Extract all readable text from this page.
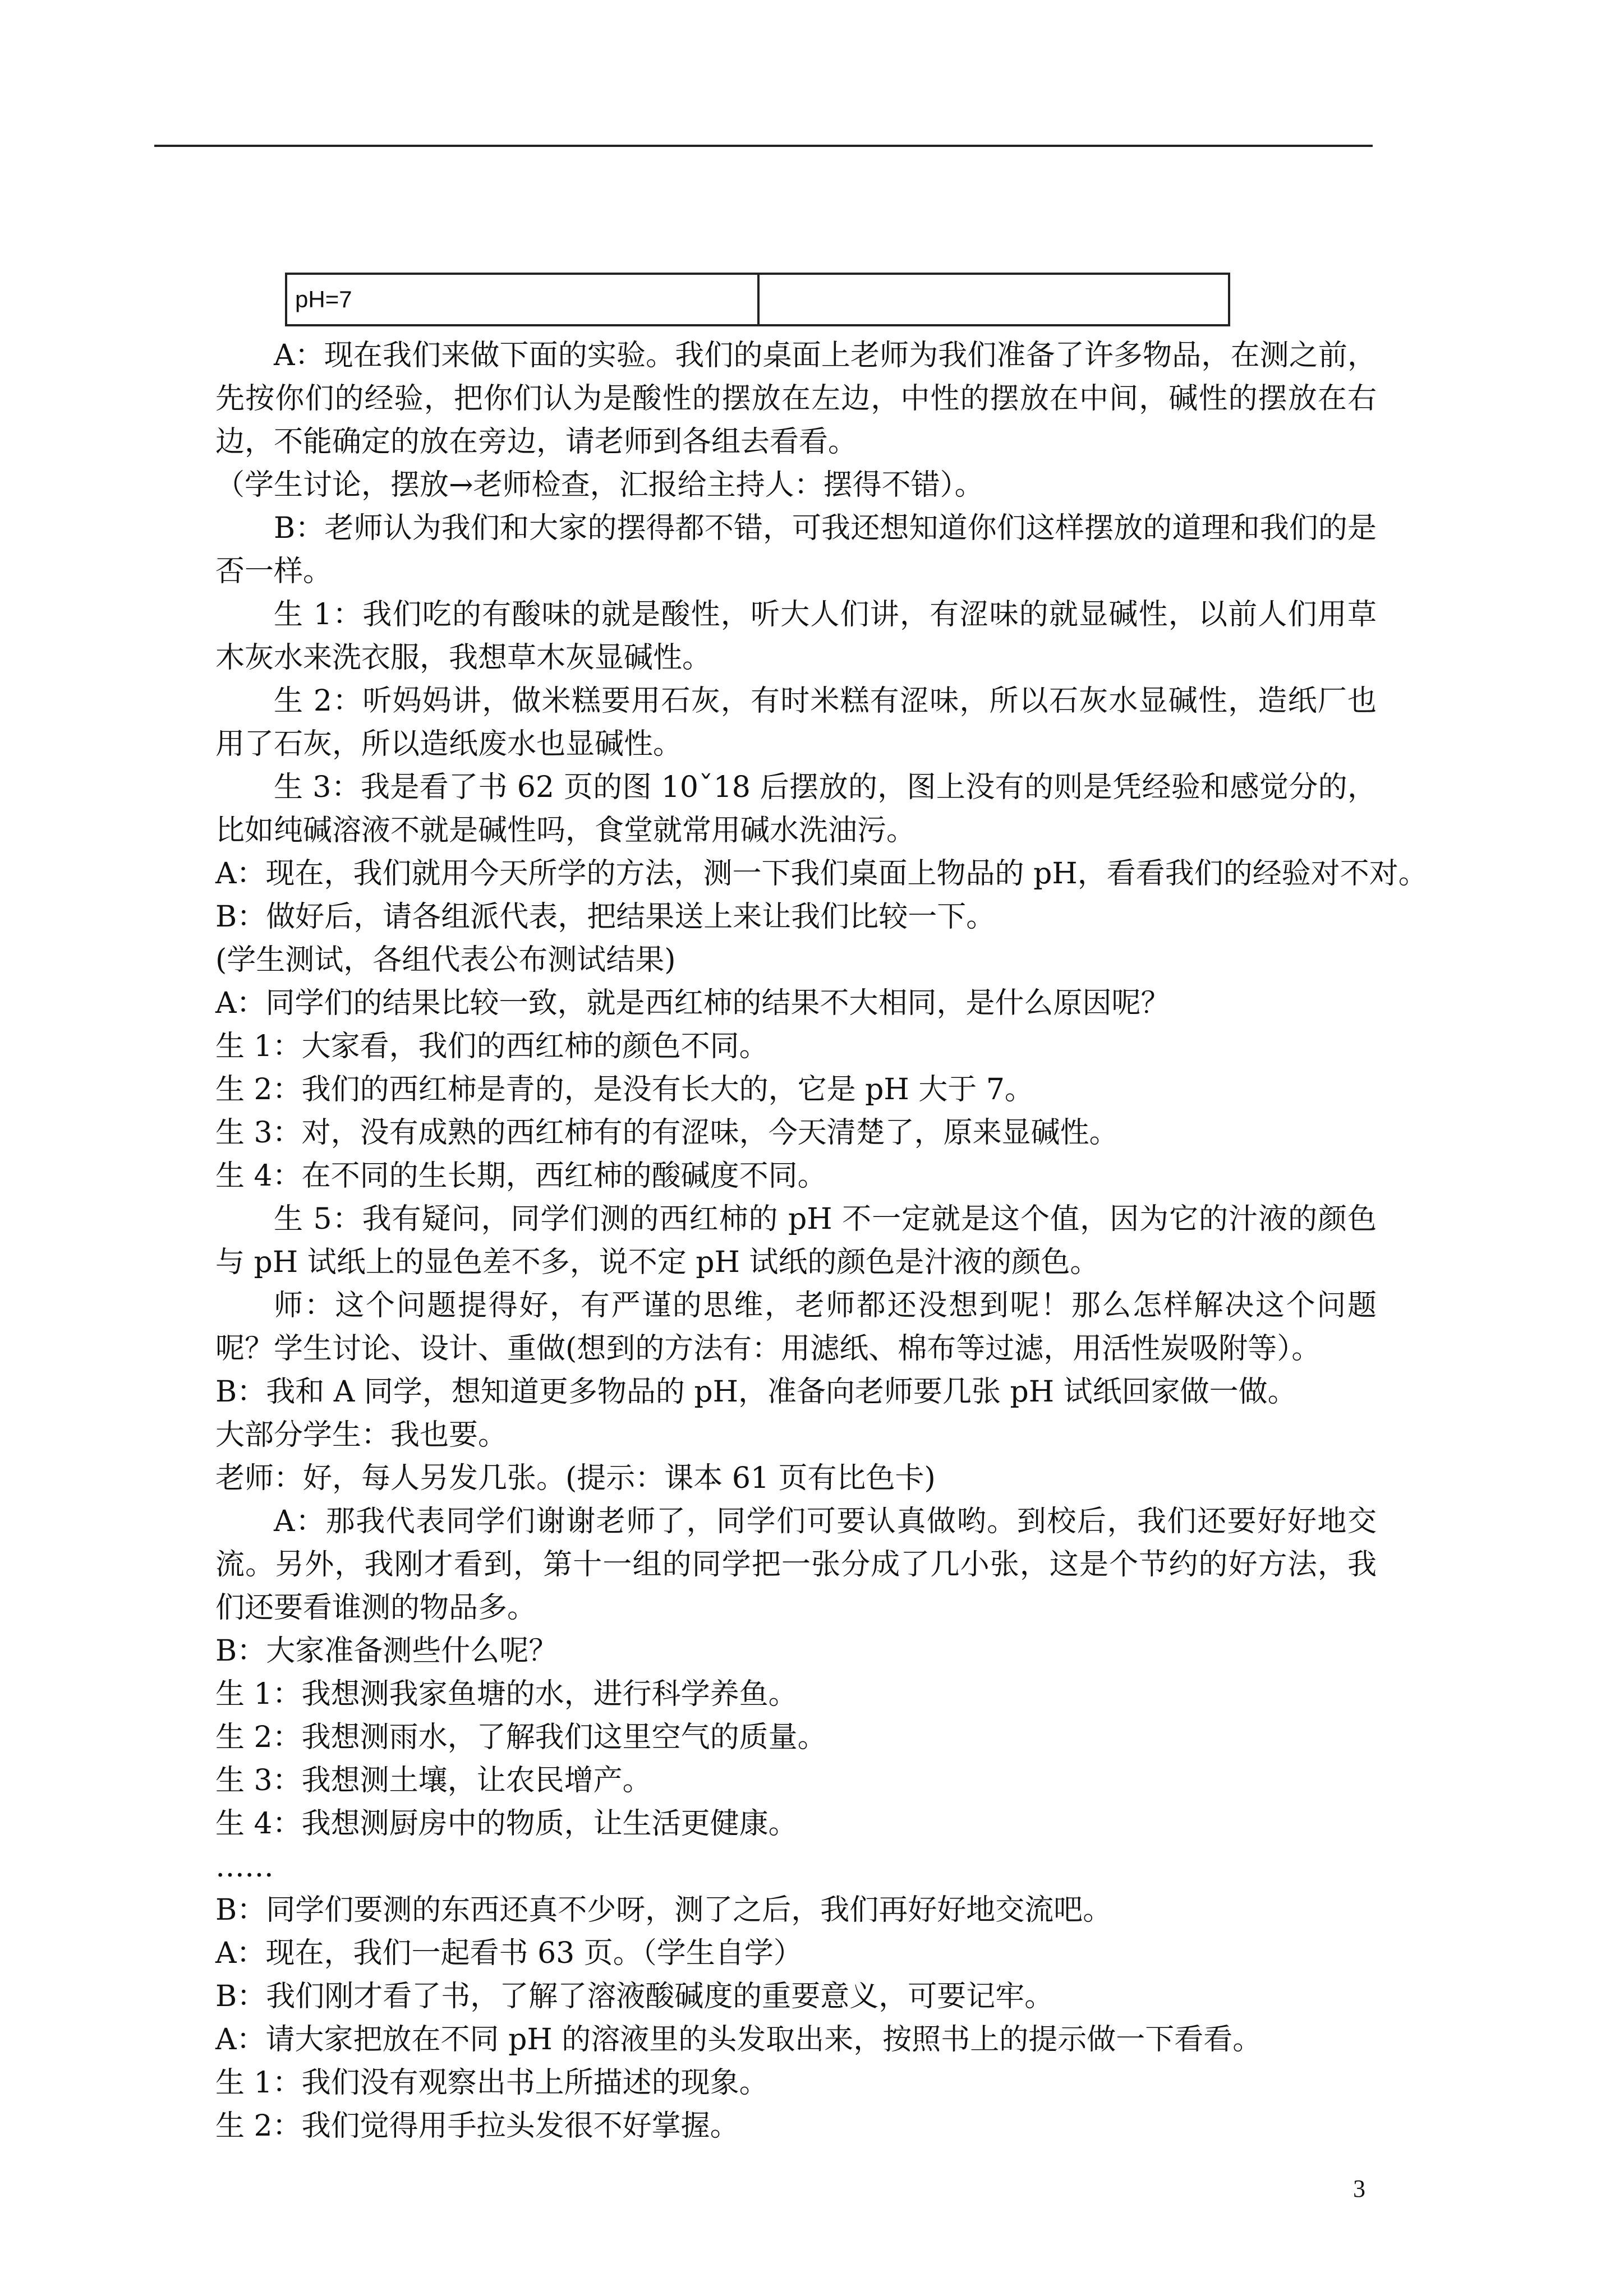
pH=7	

A：现在我们来做下面的实验。我们的桌面上老师为我们准备了许多物品，在测之前，先按你们的经验，把你们认为是酸性的摆放在左边，中性的摆放在中间，碱性的摆放在右边，不能确定的放在旁边，请老师到各组去看看。

（学生讨论，摆放→老师检查，汇报给主持人：摆得不错）。

B：老师认为我们和大家的摆得都不错，可我还想知道你们这样摆放的道理和我们的是否一样。

生 1：我们吃的有酸味的就是酸性，听大人们讲，有涩味的就显碱性，以前人们用草木灰水来洗衣服，我想草木灰显碱性。

生 2：听妈妈讲，做米糕要用石灰，有时米糕有涩味，所以石灰水显碱性，造纸厂也用了石灰，所以造纸废水也显碱性。

生 3：我是看了书 62 页的图 10ˇ18 后摆放的，图上没有的则是凭经验和感觉分的，比如纯碱溶液不就是碱性吗，食堂就常用碱水洗油污。

A：现在，我们就用今天所学的方法，测一下我们桌面上物品的 pH，看看我们的经验对不对。

B：做好后，请各组派代表，把结果送上来让我们比较一下。

(学生测试，各组代表公布测试结果)

A：同学们的结果比较一致，就是西红柿的结果不大相同，是什么原因呢？

生 1：大家看，我们的西红柿的颜色不同。

生 2：我们的西红柿是青的，是没有长大的，它是 pH 大于 7。

生 3：对，没有成熟的西红柿有的有涩味，今天清楚了，原来显碱性。

生 4：在不同的生长期，西红柿的酸碱度不同。

生 5：我有疑问，同学们测的西红柿的 pH 不一定就是这个值，因为它的汁液的颜色与 pH 试纸上的显色差不多，说不定 pH 试纸的颜色是汁液的颜色。

师：这个问题提得好，有严谨的思维，老师都还没想到呢！那么怎样解决这个问题呢？学生讨论、设计、重做(想到的方法有：用滤纸、棉布等过滤，用活性炭吸附等）。

B：我和 A 同学，想知道更多物品的 pH，准备向老师要几张 pH 试纸回家做一做。

大部分学生：我也要。

老师：好，每人另发几张。(提示：课本 61 页有比色卡)

A：那我代表同学们谢谢老师了，同学们可要认真做哟。到校后，我们还要好好地交流。另外，我刚才看到，第十一组的同学把一张分成了几小张，这是个节约的好方法，我们还要看谁测的物品多。

B：大家准备测些什么呢？

生 1：我想测我家鱼塘的水，进行科学养鱼。

生 2：我想测雨水，了解我们这里空气的质量。

生 3：我想测土壤，让农民增产。

生 4：我想测厨房中的物质，让生活更健康。

……

B：同学们要测的东西还真不少呀，测了之后，我们再好好地交流吧。

A：现在，我们一起看书 63 页。（学生自学）

B：我们刚才看了书，了解了溶液酸碱度的重要意义，可要记牢。

A：请大家把放在不同 pH 的溶液里的头发取出来，按照书上的提示做一下看看。

生 1：我们没有观察出书上所描述的现象。

生 2：我们觉得用手拉头发很不好掌握。

3
